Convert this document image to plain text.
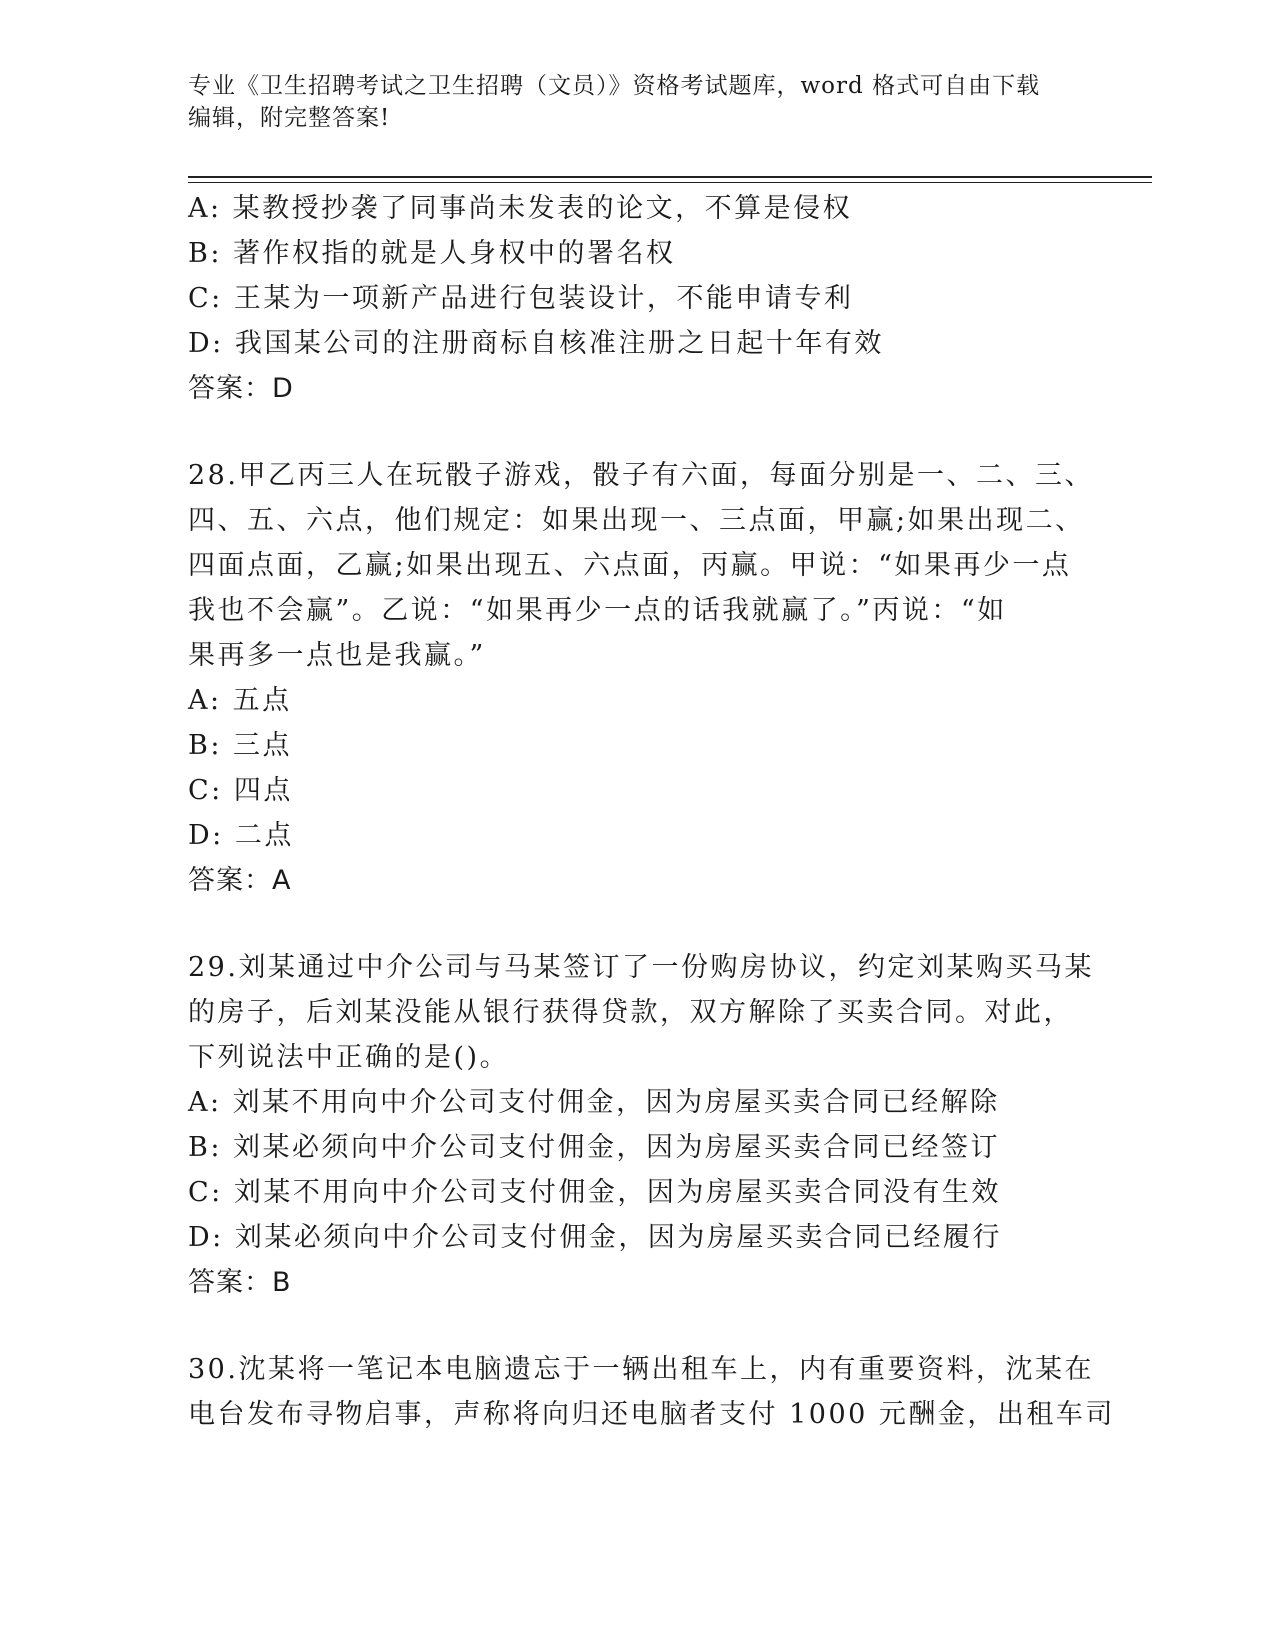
专业《卫生招聘考试之卫生招聘（文员）》资格考试题库，word 格式可自由下载
编辑，附完整答案!
A: 某教授抄袭了同事尚未发表的论文，不算是侵权
B: 著作权指的就是人身权中的署名权
C: 王某为一项新产品进行包装设计，不能申请专利
D: 我国某公司的注册商标自核准注册之日起十年有效
答案：D
28.甲乙丙三人在玩骰子游戏，骰子有六面，每面分别是一、二、三、
四、五、六点，他们规定：如果出现一、三点面，甲赢;如果出现二、
四面点面，乙赢;如果出现五、六点面，丙赢。甲说：“如果再少一点
我也不会赢”。乙说：“如果再少一点的话我就赢了。”丙说：“如
果再多一点也是我赢。”
A: 五点
B: 三点
C: 四点
D: 二点
答案：A
29.刘某通过中介公司与马某签订了一份购房协议，约定刘某购买马某
的房子，后刘某没能从银行获得贷款，双方解除了买卖合同。对此，
下列说法中正确的是()。
A: 刘某不用向中介公司支付佣金，因为房屋买卖合同已经解除
B: 刘某必须向中介公司支付佣金，因为房屋买卖合同已经签订
C: 刘某不用向中介公司支付佣金，因为房屋买卖合同没有生效
D: 刘某必须向中介公司支付佣金，因为房屋买卖合同已经履行
答案：B
30.沈某将一笔记本电脑遗忘于一辆出租车上，内有重要资料，沈某在
电台发布寻物启事，声称将向归还电脑者支付 1000 元酬金，出租车司
